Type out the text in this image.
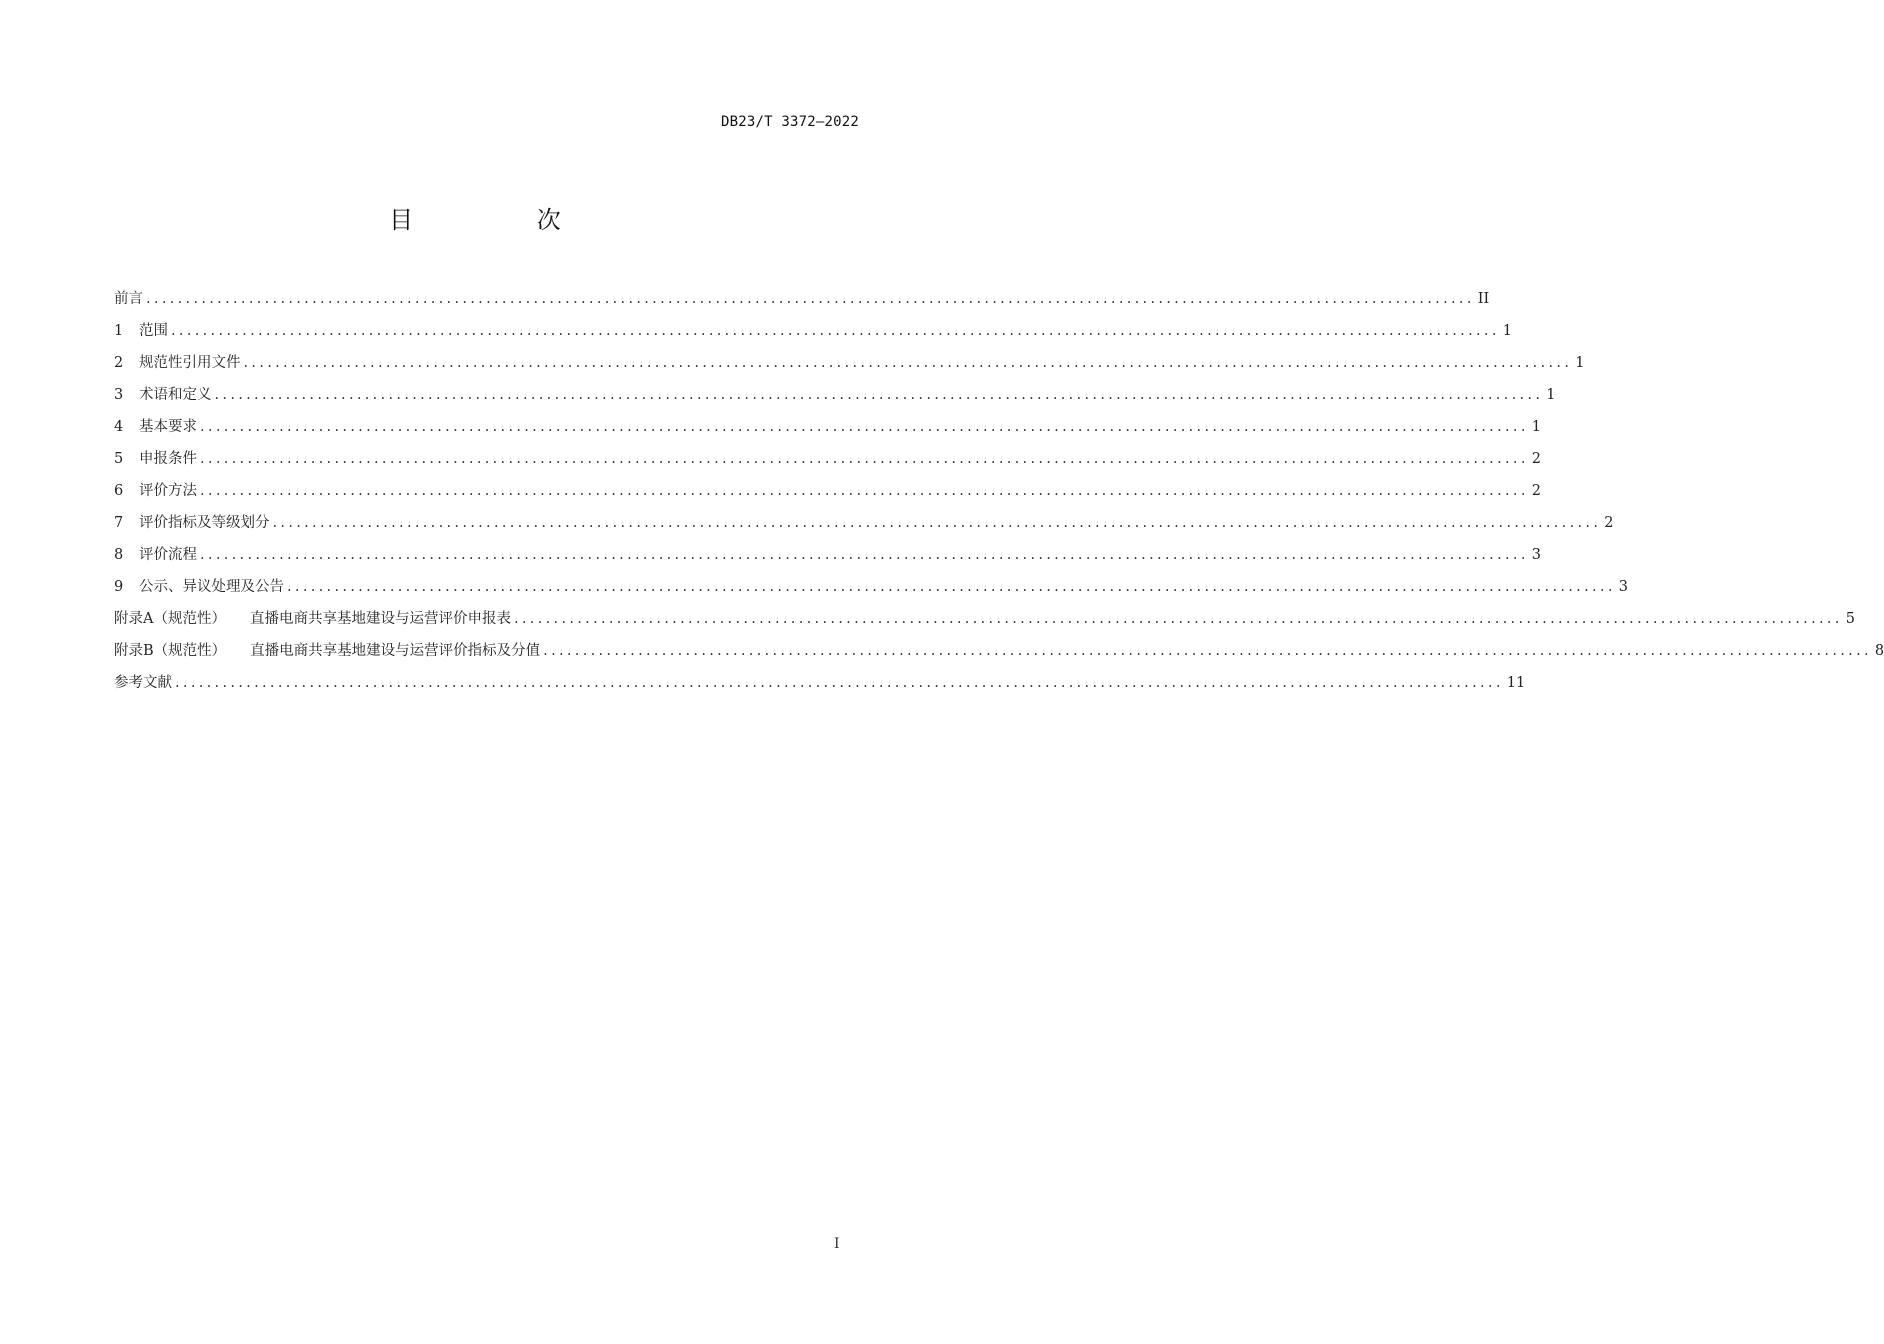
DB23/T 3372—2022
目 次
前言 ........................................................................................................................................................................ II
1	范围 ........................................................................................................................................................................ 1
2	规范性引用文件 ........................................................................................................................................................................ 1
3	术语和定义 ........................................................................................................................................................................ 1
4	基本要求 ........................................................................................................................................................................ 1
5	申报条件 ........................................................................................................................................................................ 2
6	评价方法 ........................................................................................................................................................................ 2
7	评价指标及等级划分 ........................................................................................................................................................................ 2
8	评价流程 ........................................................................................................................................................................ 3
9	公示、异议处理及公告 ........................................................................................................................................................................ 3
附录A（规范性） 直播电商共享基地建设与运营评价申报表 ........................................................................................................................................................................ 5
附录B（规范性） 直播电商共享基地建设与运营评价指标及分值 ........................................................................................................................................................................ 8
参考文献 ........................................................................................................................................................................ 11
I
